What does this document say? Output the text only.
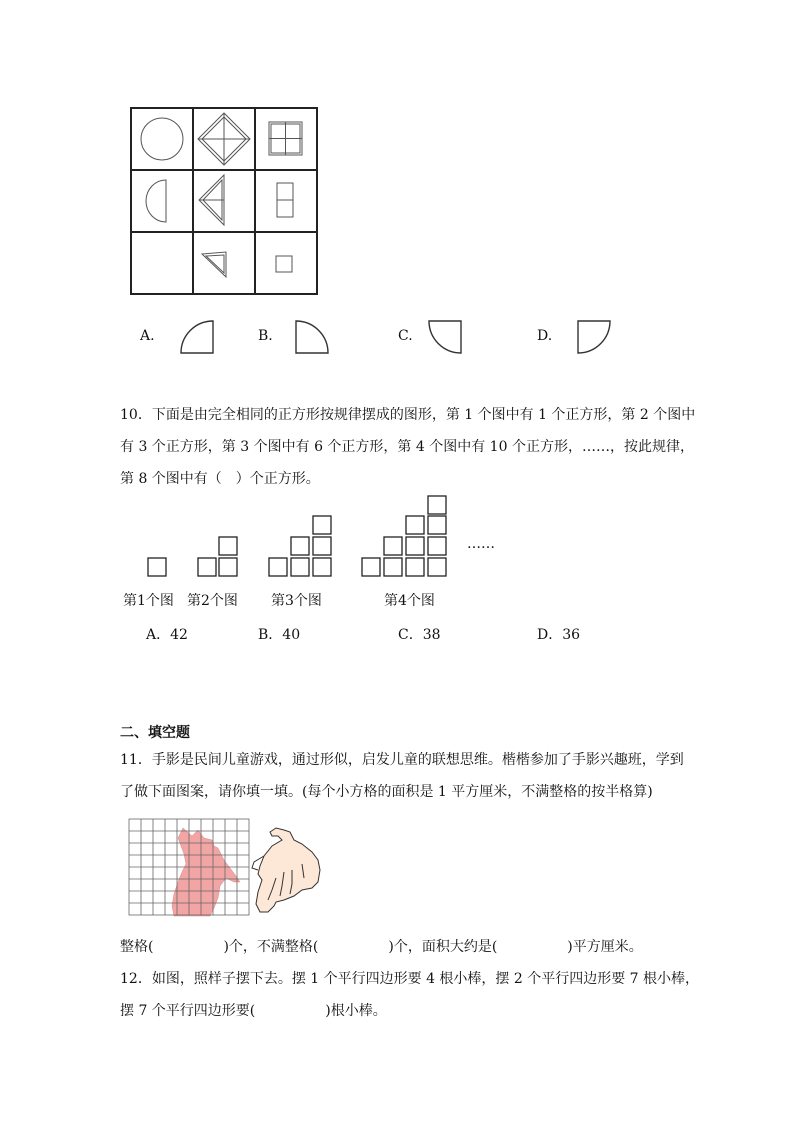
A.	B.	C.	D.
10．下面是由完全相同的正方形按规律摆成的图形，第 1 个图中有 1 个正方形，第 2 个图中
有 3 个正方形，第 3 个图中有 6 个正方形，第 4 个图中有 10 个正方形，……，按此规律，
第 8 个图中有（　）个正方形。
……
第1个图 第2个图 第3个图	第4个图
A．42	B．40	C．38	D．36
二、填空题
11．手影是民间儿童游戏，通过形似，启发儿童的联想思维。楷楷参加了手影兴趣班，学到
了做下面图案，请你填一填。(每个小方格的面积是 1 平方厘米，不满整格的按半格算)
整格(　　　　　)个，不满整格(　　　　　)个，面积大约是(　　　　　)平方厘米。
12．如图，照样子摆下去。摆 1 个平行四边形要 4 根小棒，摆 2 个平行四边形要 7 根小棒，
摆 7 个平行四边形要(　　　　　)根小棒。
